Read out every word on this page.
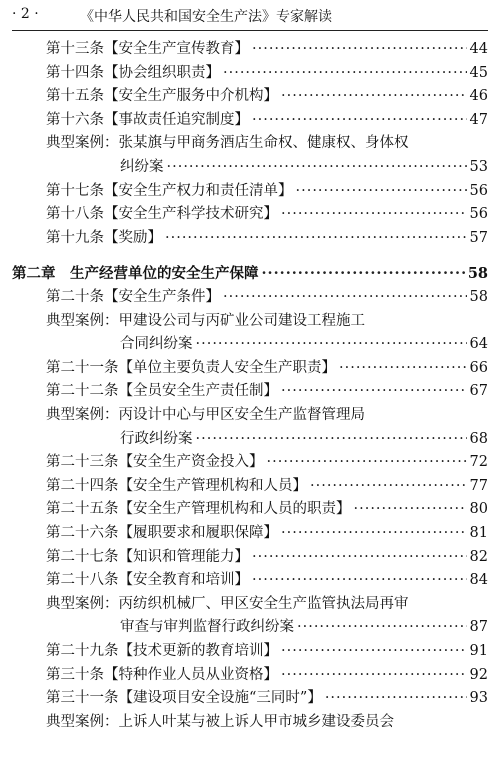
· 2 ·	《中华人民共和国安全生产法》专家解读
第十三条 【安全生产宣传教育】 ·····	44
第十四条 【协会组织职责】 ·····	45
第十五条 【安全生产服务中介机构】 ·····	46
第十六条 【事故责任追究制度】 ·····	47
典型案例：张某旗与甲商务酒店生命权、健康权、身体权
纠纷案 ·····	53
第十七条 【安全生产权力和责任清单】 ·····	56
第十八条 【安全生产科学技术研究】 ·····	56
第十九条 【奖励】 ·····	57
第二章　生产经营单位的安全生产保障 ·····	58
第二十条 【安全生产条件】 ·····	58
典型案例：甲建设公司与丙矿业公司建设工程施工
合同纠纷案 ·····	64
第二十一条 【单位主要负责人安全生产职责】 ·····	66
第二十二条 【全员安全生产责任制】 ·····	67
典型案例：丙设计中心与甲区安全生产监督管理局
行政纠纷案 ·····	68
第二十三条 【安全生产资金投入】 ·····	72
第二十四条 【安全生产管理机构和人员】 ·····	77
第二十五条 【安全生产管理机构和人员的职责】 ·····	80
第二十六条 【履职要求和履职保障】 ·····	81
第二十七条 【知识和管理能力】 ·····	82
第二十八条 【安全教育和培训】 ·····	84
典型案例：丙纺织机械厂、甲区安全生产监管执法局再审
审查与审判监督行政纠纷案 ·····	87
第二十九条 【技术更新的教育培训】 ·····	91
第三十条 【特种作业人员从业资格】 ·····	92
第三十一条 【建设项目安全设施“三同时”】 ·····	93
典型案例：上诉人叶某与被上诉人甲市城乡建设委员会
